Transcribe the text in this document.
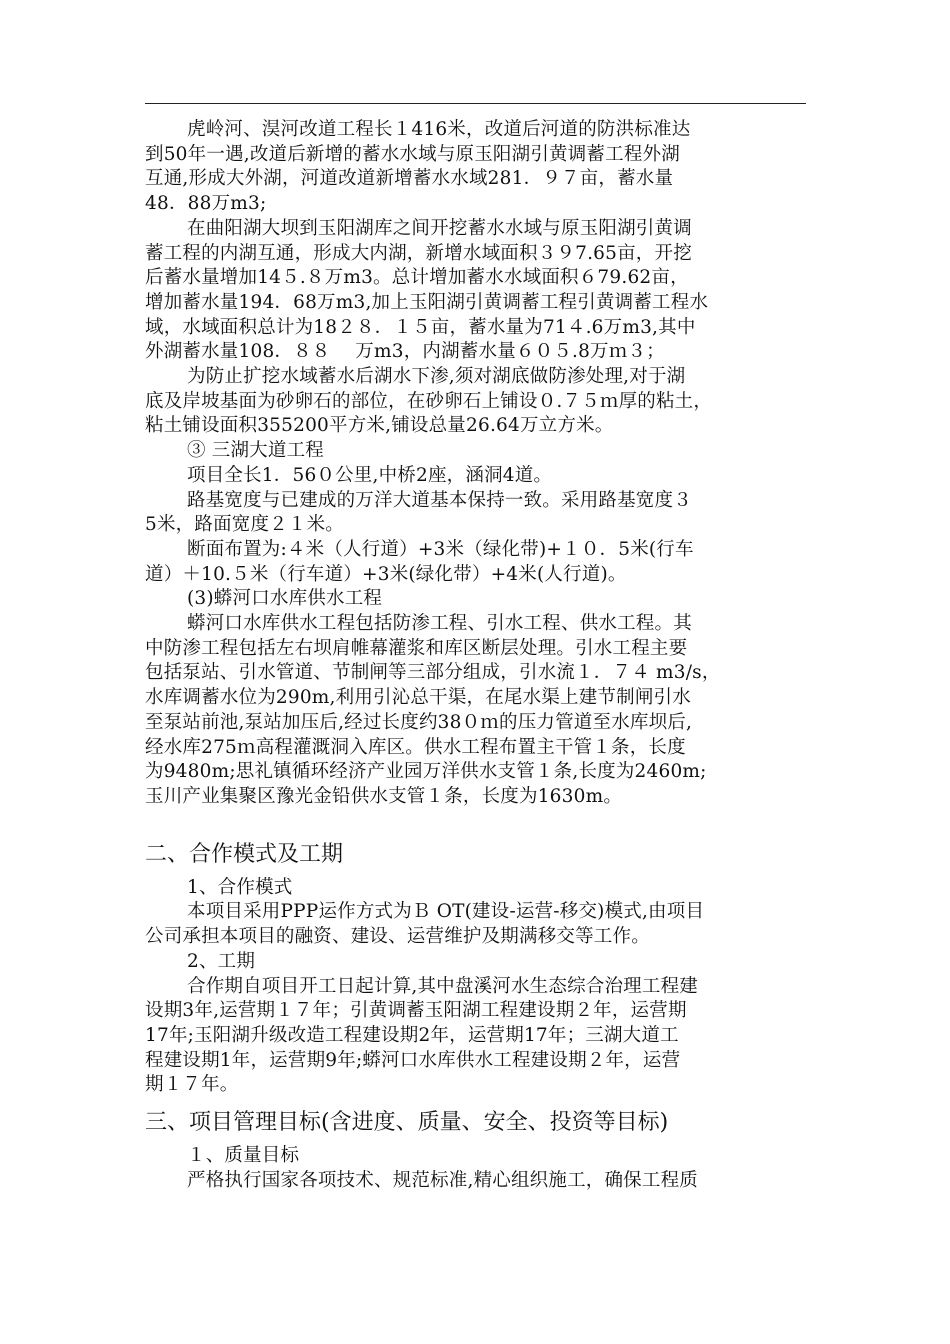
虎岭河、淏河改道工程长１416米，改道后河道的防洪标准达
到50年一遇,改道后新增的蓄水水域与原玉阳湖引黄调蓄工程外湖
互通,形成大外湖，河道改道新增蓄水水域281．９７亩，蓄水量
48．88万m3;
在曲阳湖大坝到玉阳湖库之间开挖蓄水水域与原玉阳湖引黄调
蓄工程的内湖互通，形成大内湖，新增水域面积３９7.65亩，开挖
后蓄水量增加14５.８万m3。总计增加蓄水水域面积６79.62亩，
增加蓄水量194．68万m3,加上玉阳湖引黄调蓄工程引黄调蓄工程水
域，水域面积总计为18２８．１５亩，蓄水量为71４.6万m3,其中
外湖蓄水量108．８８　 万m3，内湖蓄水量６０５.8万ｍ３；
为防止扩挖水域蓄水后湖水下渗,须对湖底做防渗处理,对于湖
底及岸坡基面为砂卵石的部位，在砂卵石上铺设０.７５ｍ厚的粘土，
粘土铺设面积355200平方米,铺设总量26.64万立方米。
③ 三湖大道工程
项目全长1．56０公里,中桥2座，涵洞4道。
路基宽度与已建成的万洋大道基本保持一致。采用路基宽度３
5米，路面宽度２１米。
断面布置为:４米（人行道）+3米（绿化带)+１０．5米(行车
道）＋10.５米（行车道）+3米(绿化带）+4米(人行道)。
(3)蟒河口水库供水工程
蟒河口水库供水工程包括防渗工程、引水工程、供水工程。其
中防渗工程包括左右坝肩帷幕灌浆和库区断层处理。引水工程主要
包括泵站、引水管道、节制闸等三部分组成，引水流１．７４ m3/s，
水库调蓄水位为290m,利用引沁总干渠，在尾水渠上建节制闸引水
至泵站前池,泵站加压后,经过长度约38０ｍ的压力管道至水库坝后,
经水库275ｍ高程灌溉洞入库区。供水工程布置主干管１条，长度
为9480m;思礼镇循环经济产业园万洋供水支管１条,长度为2460m;
玉川产业集聚区豫光金铅供水支管１条，长度为1630m。
二、合作模式及工期
1、合作模式
本项目采用PPP运作方式为Ｂ OT(建设-运营-移交)模式,由项目
公司承担本项目的融资、建设、运营维护及期满移交等工作。
2、工期
合作期自项目开工日起计算,其中盘溪河水生态综合治理工程建
设期3年,运营期１７年；引黄调蓄玉阳湖工程建设期２年，运营期
17年;玉阳湖升级改造工程建设期2年，运营期17年；三湖大道工
程建设期1年，运营期9年;蟒河口水库供水工程建设期２年，运营
期１７年。
三、项目管理目标(含进度、质量、安全、投资等目标)
１、质量目标
严格执行国家各项技术、规范标准,精心组织施工，确保工程质
